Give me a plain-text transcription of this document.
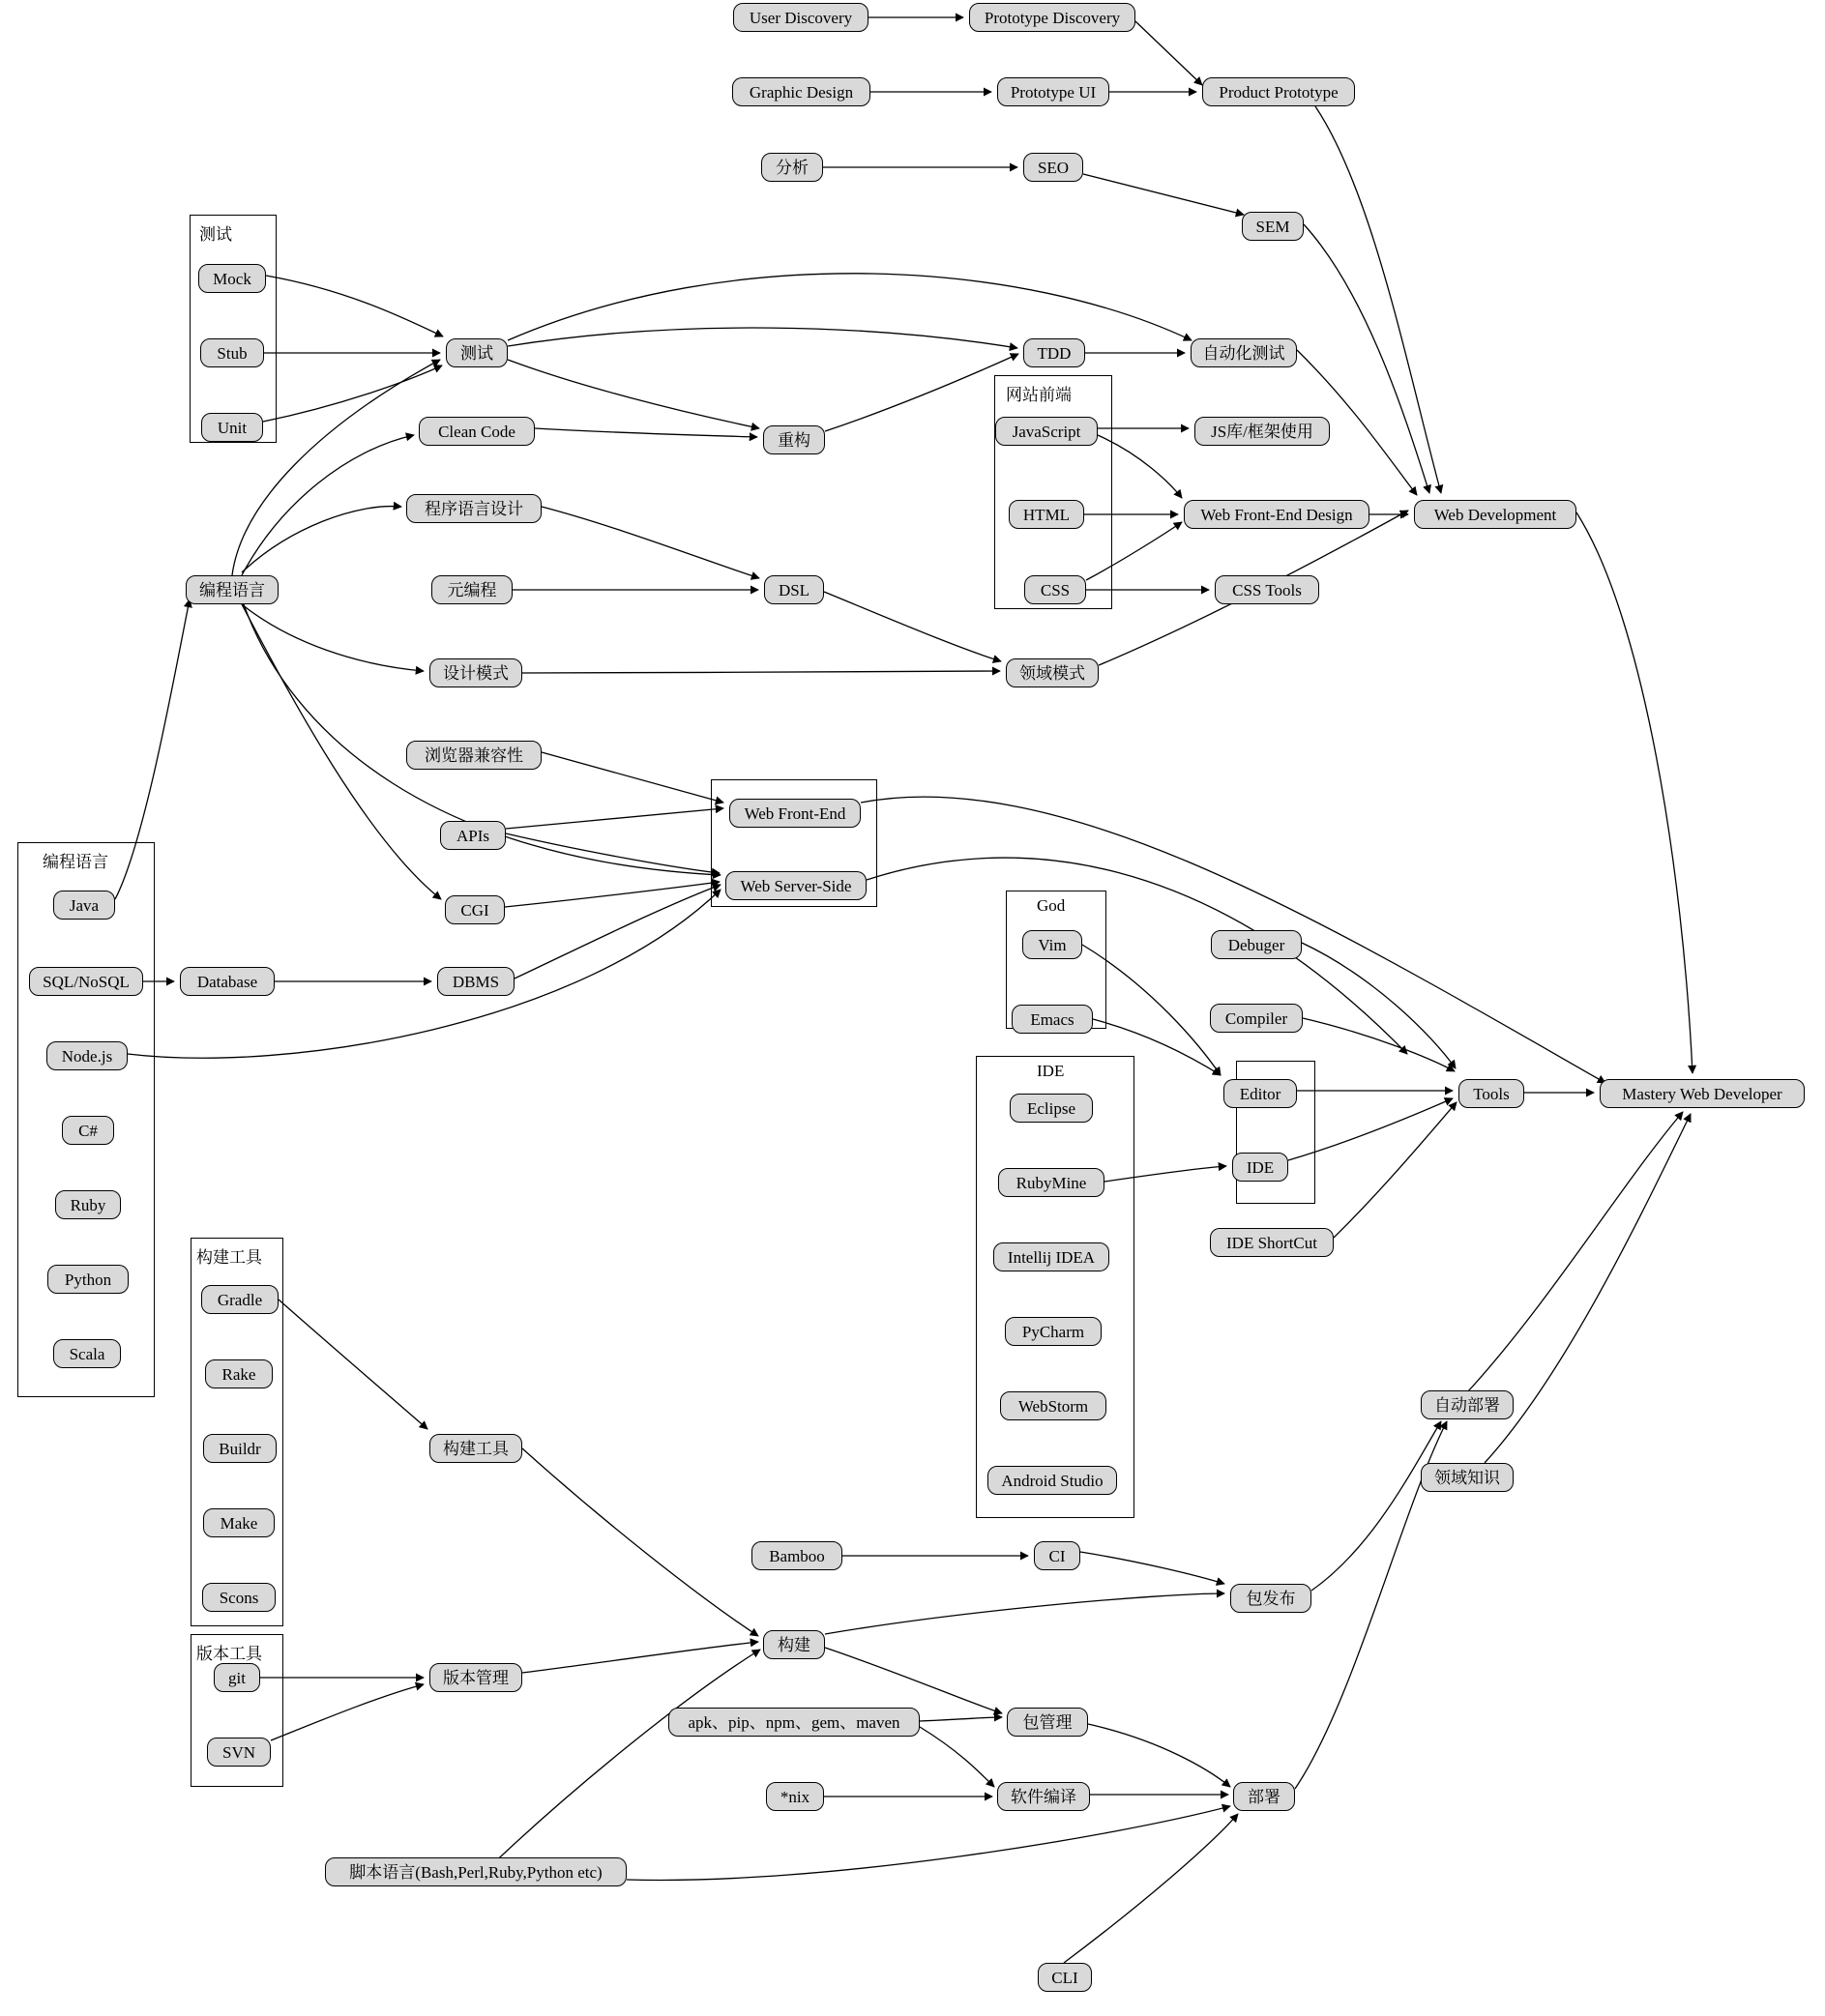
测试
网站前端
编程语言
God
IDE
构建工具
版本工具
User Discovery	Prototype Discovery
Graphic Design	Prototype UI	Product Prototype
分析	SEO
SEM
Mock
Stub
Unit
测试	TDD	自动化测试
Clean Code	重构	JavaScript	JS库/框架使用
程序语言设计	HTML	Web Front-End Design	Web Development
元编程	DSL	CSS	CSS Tools
编程语言
设计模式	领域模式
浏览器兼容性
Web Front-End
APIs
Web Server-Side
CGI
Java
SQL/NoSQL	Database	DBMS
Node.js
C#
Ruby
Python
Scala
Vim	Debuger
Emacs	Compiler
Editor	Tools	Mastery Web Developer
Eclipse
IDE
RubyMine
IDE ShortCut
Intellij IDEA
PyCharm
Gradle
Rake
WebStorm
Buildr	构建工具
Android Studio
Make
Scons
Bamboo	CI
包发布
自动部署
领域知识
git	版本管理
构建
SVN
apk、pip、npm、gem、maven	包管理
*nix	软件编译	部署
脚本语言(Bash,Perl,Ruby,Python etc)
CLI
